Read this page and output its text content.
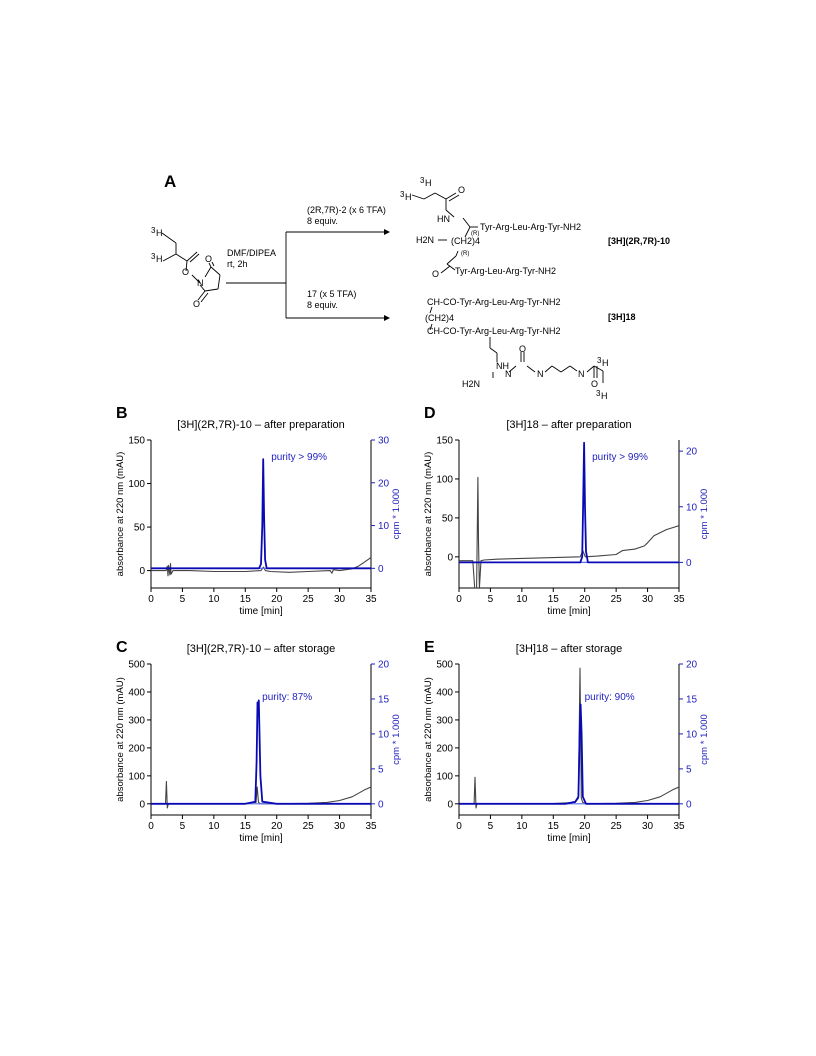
A
3 H
3 H
O
N
O
O
(2R,7R)-2 (x 6 TFA)
8 equiv.
DMF/DIPEA
rt, 2h
17 (x 5 TFA)
8 equiv.
3 H
3 H
O
HN
(R)
H2N (CH2)4
(R)
O
Tyr-Arg-Leu-Arg-Tyr-NH2
Tyr-Arg-Leu-Arg-Tyr-NH2
[3H](2R,7R)-10
CH-CO-Tyr-Arg-Leu-Arg-Tyr-NH2
(CH2)4
CH-CO-Tyr-Arg-Leu-Arg-Tyr-NH2
NH
H2N
N
O
N	N
O
3 H
3 H
[3H]18
B
[3H](2R,7R)-10 – after preparation
0	5 10 15 20 25 30 35
time [min]
0
50
100
150
absorbance at 220 nm (mAU)	0
10
20
30
cpm * 1.000
purity > 99%
D
[3H]18 – after preparation
0	5 10 15 20 25 30 35
time [min]
0
50
100
150
absorbance at 220 nm (mAU)	0
10
20
cpm * 1.000
purity > 99%
C	[3H](2R,7R)-10 – after storage
0	5 10 15 20 25 30 35
time [min]
0
100
200
300
400
500
absorbance at 220 nm (mAU)
0
5
10
15
20
cpm * 1.000
purity: 87%
E	[3H]18 – after storage
0	5 10 15 20 25 30 35
time [min]
0
100
200
300
400
500
absorbance at 220 nm (mAU)
0
5
10
15
20
cpm * 1.000
purity: 90%
